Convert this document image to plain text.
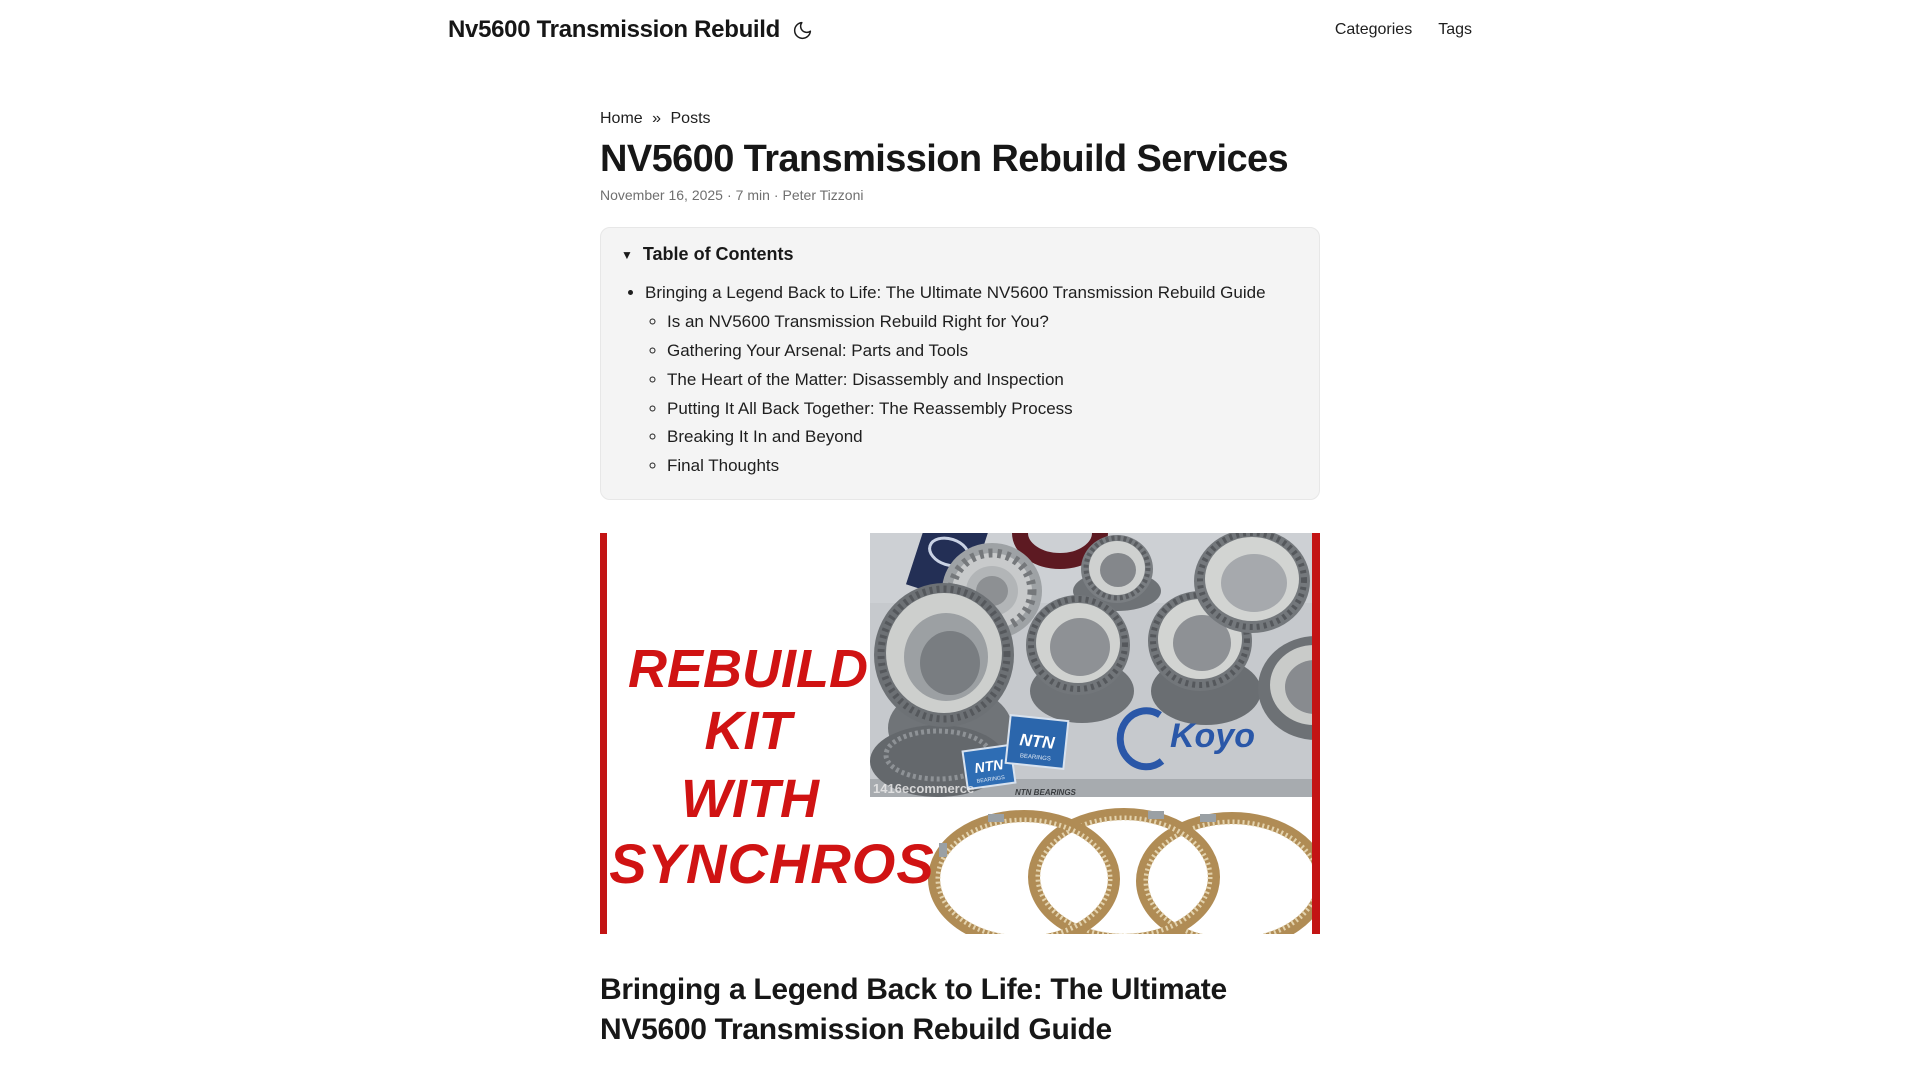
Nv5600 Transmission Rebuild	Categories Tags
Home » Posts
NV5600 Transmission Rebuild Services
November 16, 2025 · 7 min · Peter Tizzoni
▼ Table of Contents
• Bringing a Legend Back to Life: The Ultimate NV5600 Transmission Rebuild Guide
◦ Is an NV5600 Transmission Rebuild Right for You?
◦ Gathering Your Arsenal: Parts and Tools
◦ The Heart of the Matter: Disassembly and Inspection
◦ Putting It All Back Together: The Reassembly Process
◦ Breaking It In and Beyond
◦ Final Thoughts
NTN
BEARINGS
NTN
BEARINGS
Koyo
1416ecommerce	NTN BEARINGS
REBUILD
KIT
WITH
SYNCHROS
Bringing a Legend Back to Life: The Ultimate
NV5600 Transmission Rebuild Guide
